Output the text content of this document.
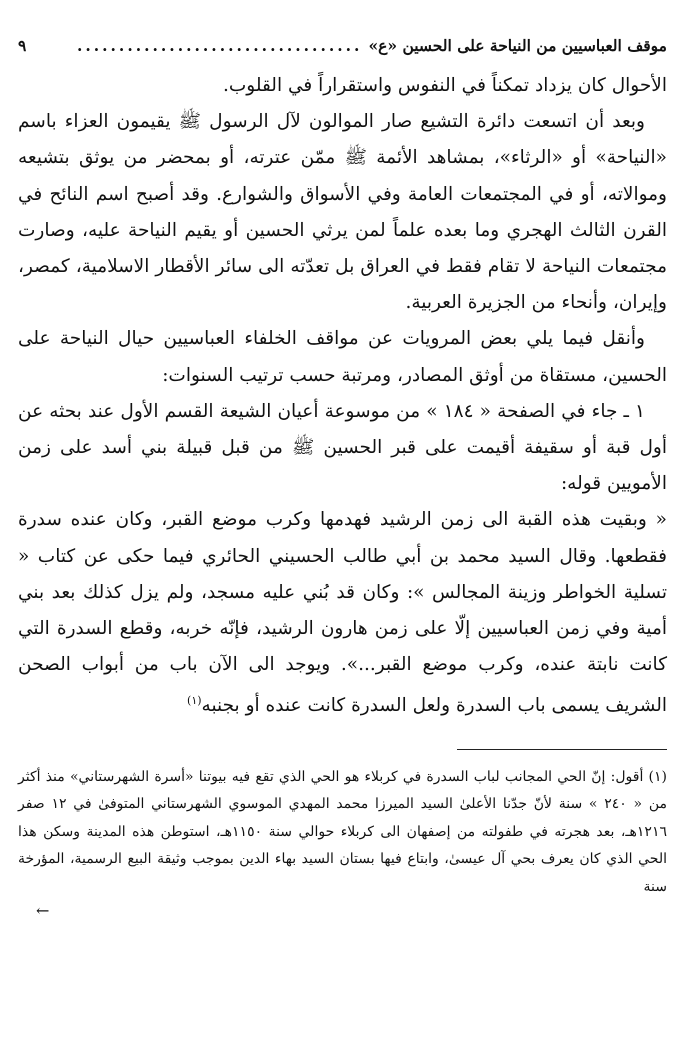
موقف العباسيين من النياحة على الحسين «ع»
..................................
٩

الأحوال كان يزداد تمكناً في النفوس واستقراراً في القلوب.

وبعد أن اتسعت دائرة التشيع صار الموالون لآل الرسول ﷺ يقيمون العزاء باسم «النياحة» أو «الرثاء»، بمشاهد الأئمة ﷺ ممّن عترته، أو بمحضر من يوثق بتشيعه وموالاته، أو في المجتمعات العامة وفي الأسواق والشوارع. وقد أصبح اسم النائح في القرن الثالث الهجري وما بعده علماً لمن يرثي الحسين أو يقيم النياحة عليه، وصارت مجتمعات النياحة لا تقام فقط في العراق بل تعدّته الى سائر الأقطار الاسلامية، كمصر، وإيران، وأنحاء من الجزيرة العربية.

وأنقل فيما يلي بعض المرويات عن مواقف الخلفاء العباسيين حيال النياحة على الحسين، مستقاة من أوثق المصادر، ومرتبة حسب ترتيب السنوات:

١ ـ جاء في الصفحة « ١٨٤ » من موسوعة أعيان الشيعة القسم الأول عند بحثه عن أول قبة أو سقيفة أقيمت على قبر الحسين ﷺ من قبل قبيلة بني أسد على زمن الأمويين قوله:

« وبقيت هذه القبة الى زمن الرشيد فهدمها وكرب موضع القبر، وكان عنده سدرة فقطعها. وقال السيد محمد بن أبي طالب الحسيني الحائري فيما حكى عن كتاب « تسلية الخواطر وزينة المجالس »: وكان قد بُني عليه مسجد، ولم يزل كذلك بعد بني أمية وفي زمن العباسيين إلّا على زمن هارون الرشيد، فإنّه خربه، وقطع السدرة التي كانت نابتة عنده، وكرب موضع القبر...». ويوجد الى الآن باب من أبواب الصحن الشريف يسمى باب السدرة ولعل السدرة كانت عنده أو بجنبه$^{(١)}$

(١) أقول: إنّ الحي المجانب لباب السدرة في كربلاء هو الحي الذي تقع فيه بيوتنا «أسرة الشهرستاني» منذ أكثر من « ٢٤٠ » سنة لأنّ جدّنا الأعلىٰ السيد الميرزا محمد المهدي الموسوي الشهرستاني المتوفىٰ في ١٢ صفر ١٢١٦هـ، بعد هجرته في طفولته من إصفهان الى كربلاء حوالي سنة ١١٥٠هـ، استوطن هذه المدينة وسكن هذا الحي الذي كان يعرف بحي آل عيسىٰ، وابتاع فيها بستان السيد بهاء الدين بموجب وثيقة البيع الرسمية، المؤرخة سنة

←
